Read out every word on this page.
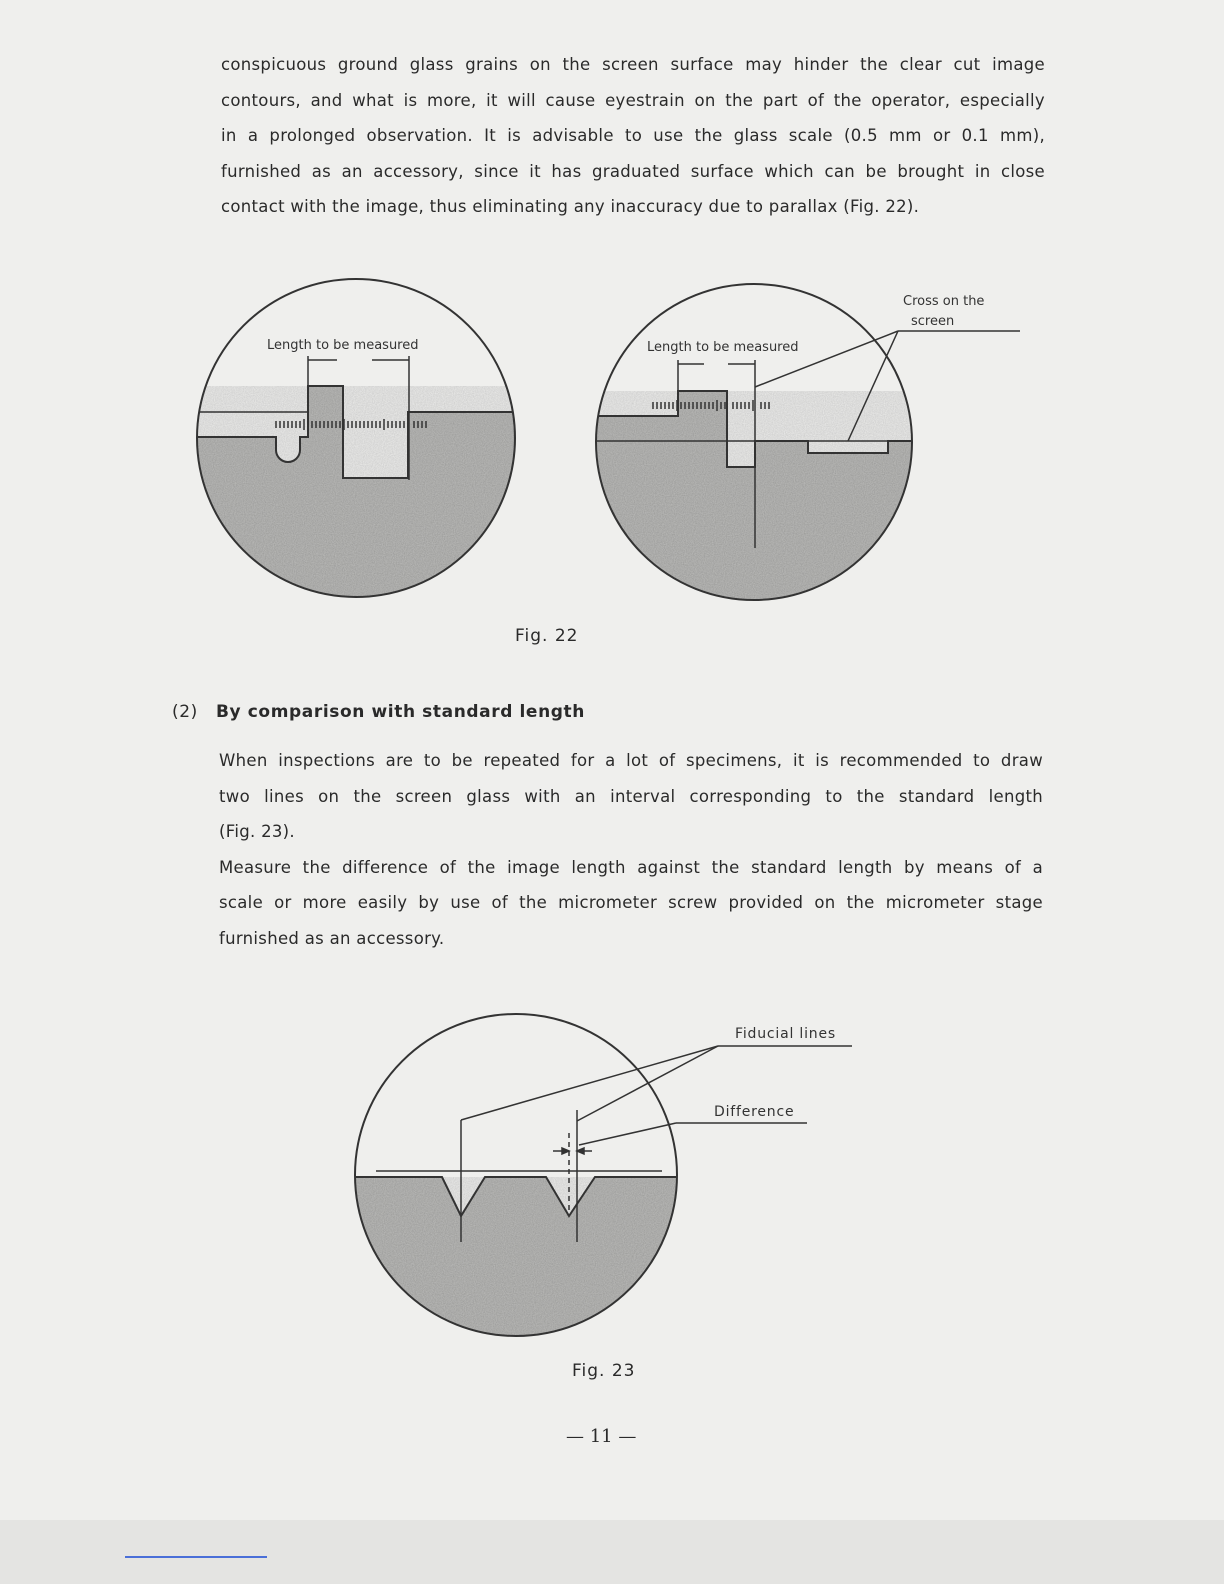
conspicuous ground glass grains on the screen surface may hinder the clear cut image
contours, and what is more, it will cause eyestrain on the part of the operator, especially
in a prolonged observation. It is advisable to use the glass scale (0.5 mm or 0.1 mm),
furnished as an accessory, since it has graduated surface which can be brought in close
contact with the image, thus eliminating any inaccuracy due to parallax (Fig. 22).
Length to be measured	Length to be measured
Cross on the
screen
Fiducial lines
Difference
Fig. 22
(2) By comparison with standard length
When inspections are to be repeated for a lot of specimens, it is recommended to draw
two lines on the screen glass with an interval corresponding to the standard length
(Fig. 23).
Measure the difference of the image length against the standard length by means of a
scale or more easily by use of the micrometer screw provided on the micrometer stage
furnished as an accessory.
Fig. 23
— 11 —
